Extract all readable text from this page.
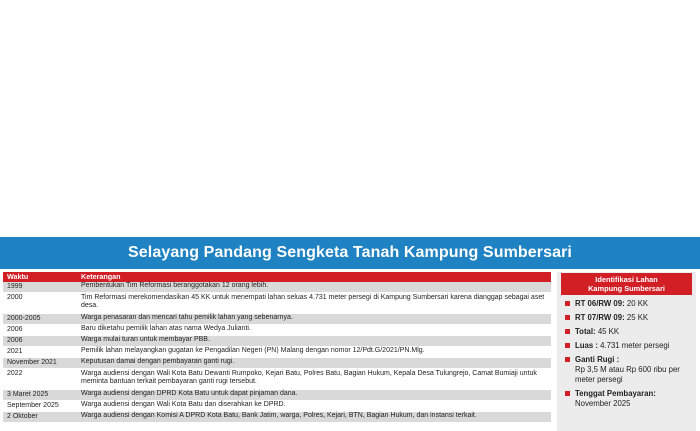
Selayang Pandang Sengketa Tanah Kampung Sumbersari
Waktu	Keterangan
1999	Pembentukan Tim Reformasi beranggotakan 12 orang lebih.
2000	Tim Reformasi merekomendasikan 45 KK untuk menempati lahan seluas 4.731 meter persegi di Kampung Sumbersari karena dianggap sebagai aset desa.
2000-2005	Warga penasaran dan mencari tahu pemilik lahan yang sebenarnya.
2006	Baru diketahu pemilik lahan atas nama Wedya Julianti.
2006	Warga mulai turan untuk membayar PBB.
2021	Pemilik lahan melayangkan gugatan ke Pengadilan Negeri (PN) Malang dengan nomor 12/Pdt.G/2021/PN.Mlg.
November 2021	Keputusan damai dengan pembayaran ganti rugi.
2022	Warga audiensi dengan Wali Kota Batu Dewanti Rumpoko, Kejari Batu, Polres Batu, Bagian Hukum, Kepala Desa Tulungrejo, Camat Bumiaji untuk meminta bantuan terkait pembayaran ganti rugi tersebut.
3 Maret 2025	Warga audiensi dengan DPRD Kota Batu untuk dapat pinjaman dana.
September 2025	Warga audiensi dengan Wali Kota Batu dan diserahkan ke DPRD.
2 Oktober	Warga audiensi dengan Komisi A DPRD Kota Batu, Bank Jatim, warga, Polres, Kejari, BTN, Bagian Hukum, dan instansi terkait.
Identifikasi Lahan
Kampung Sumbersari
RT 06/RW 09: 20 KK
RT 07/RW 09: 25 KK
Total: 45 KK
Luas : 4.731 meter persegi
Ganti Rugi :
Rp 3,5 M atau Rp 600 ribu per meter persegi
Tenggat Pembayaran:
November 2025
